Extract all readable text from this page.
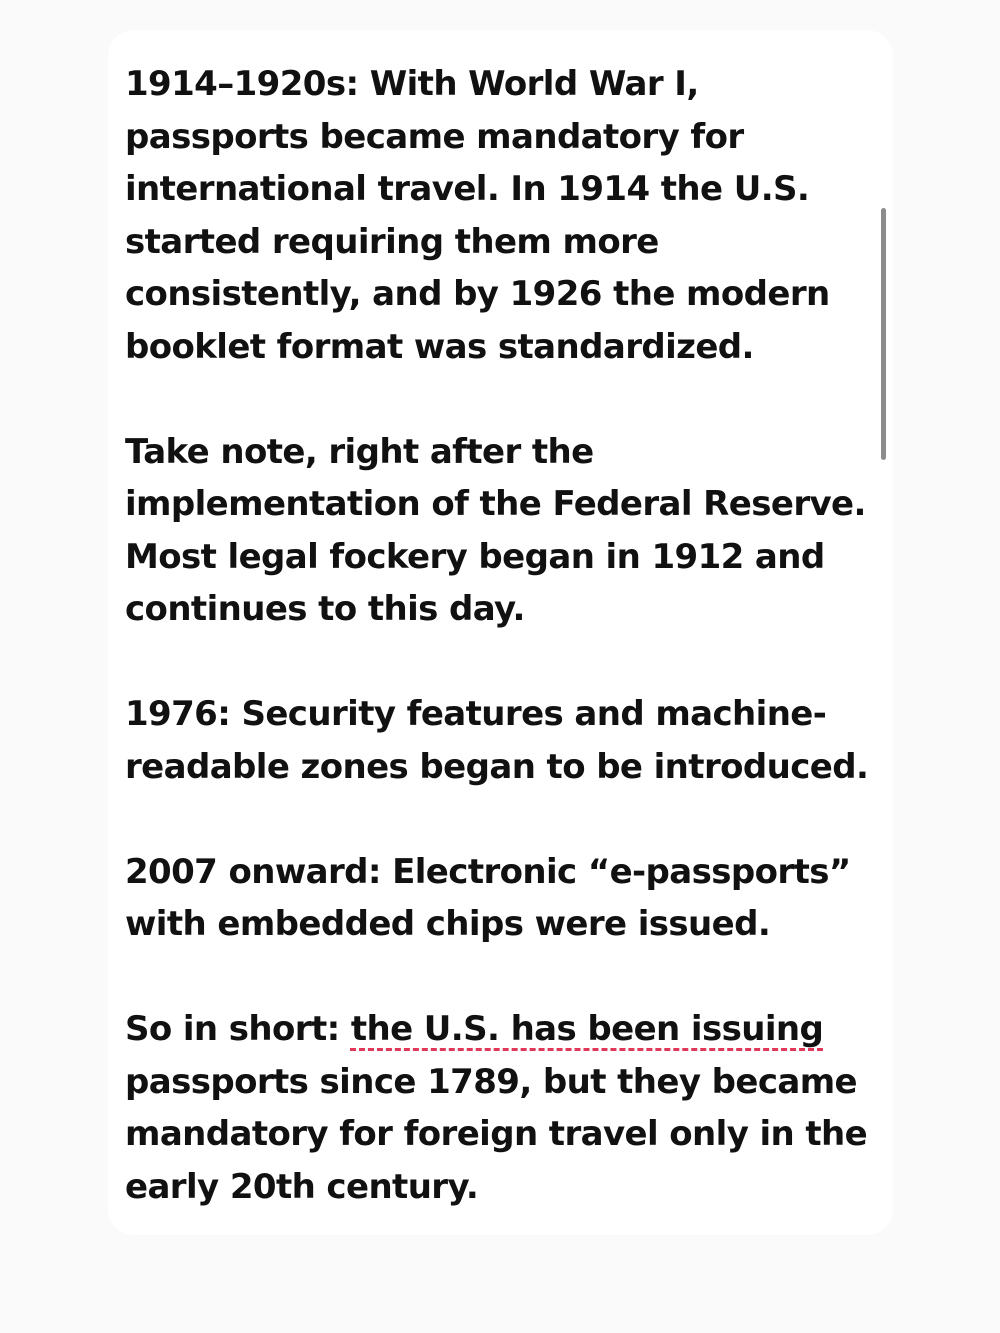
1914–1920s: With World War I,
passports became mandatory for
international travel. In 1914 the U.S.
started requiring them more
consistently, and by 1926 the modern
booklet format was standardized.

Take note, right after the
implementation of the Federal Reserve.
Most legal fockery began in 1912 and
continues to this day.

1976: Security features and machine-
readable zones began to be introduced.

2007 onward: Electronic “e-passports”
with embedded chips were issued.

So in short: the U.S. has been issuing
passports since 1789, but they became
mandatory for foreign travel only in the
early 20th century.
